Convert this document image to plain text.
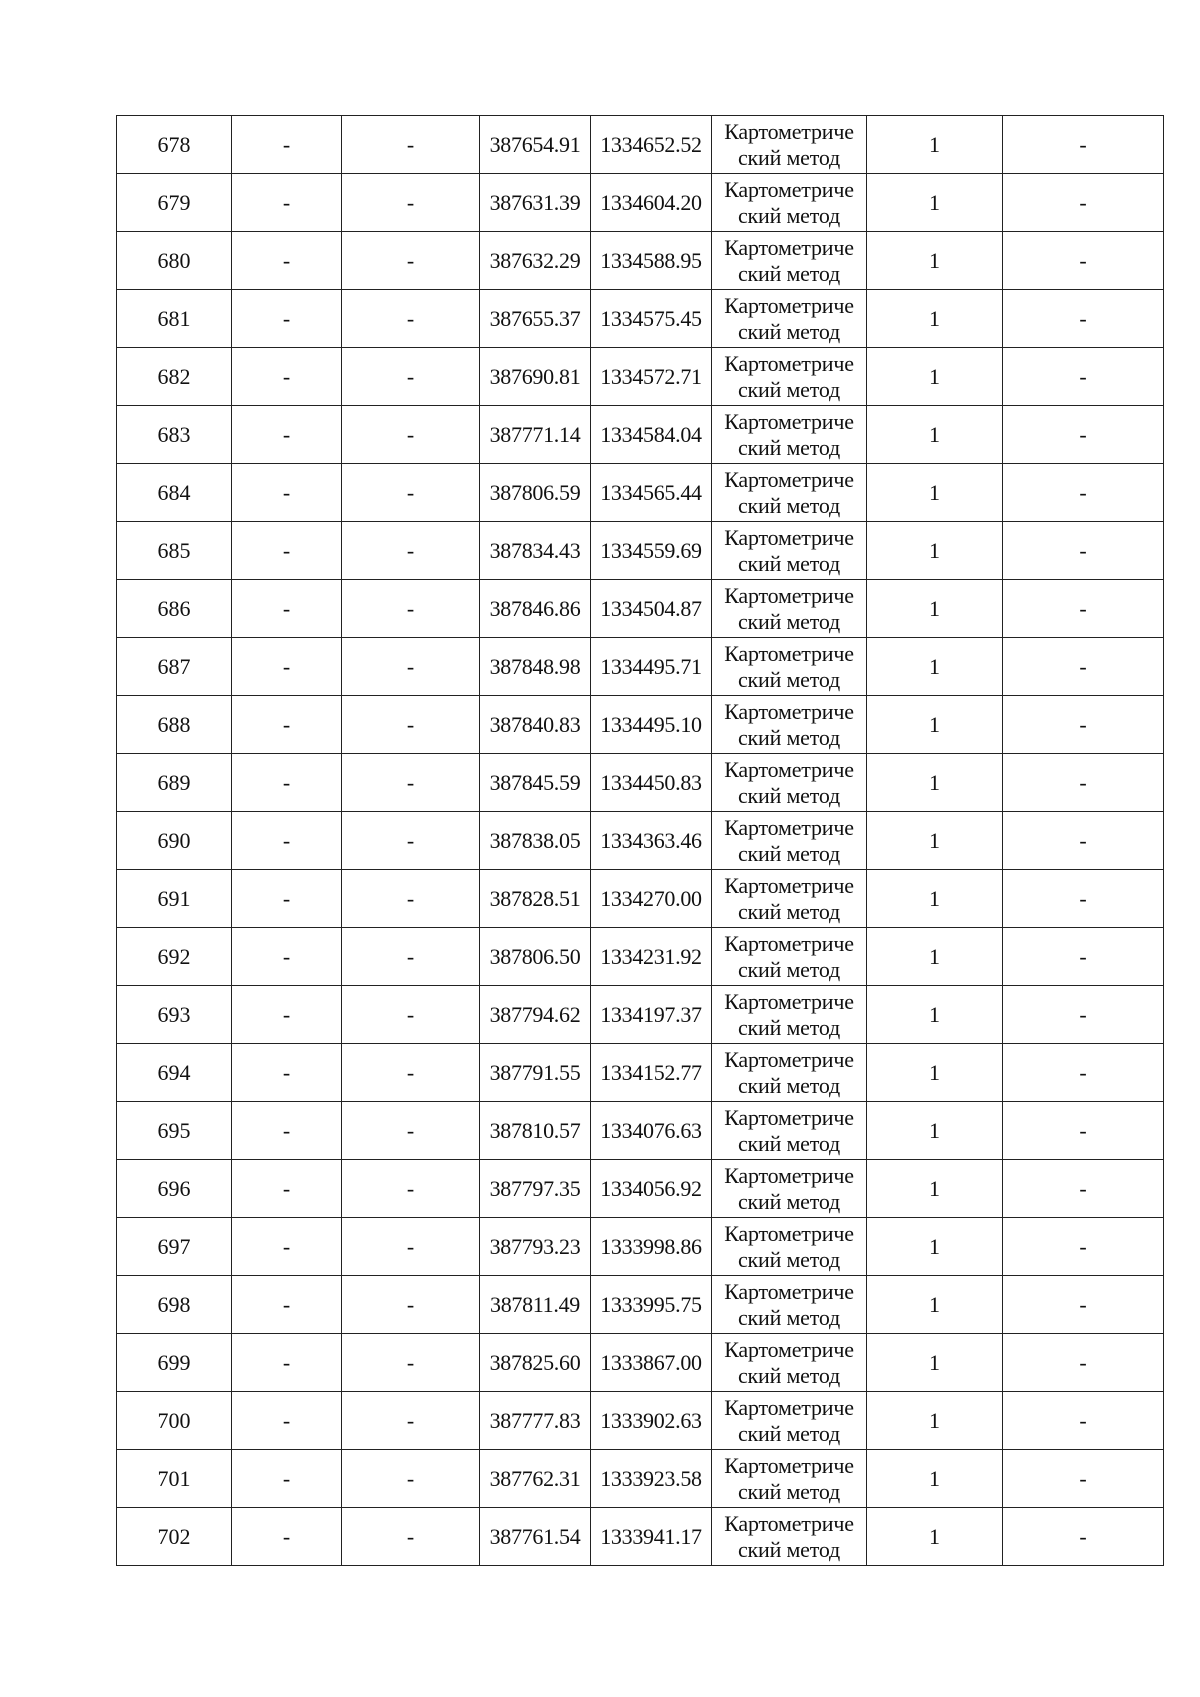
678	-	-	387654.91	1334652.52	Картометриче
ский метод	1	-
679	-	-	387631.39	1334604.20	Картометриче
ский метод	1	-
680	-	-	387632.29	1334588.95	Картометриче
ский метод	1	-
681	-	-	387655.37	1334575.45	Картометриче
ский метод	1	-
682	-	-	387690.81	1334572.71	Картометриче
ский метод	1	-
683	-	-	387771.14	1334584.04	Картометриче
ский метод	1	-
684	-	-	387806.59	1334565.44	Картометриче
ский метод	1	-
685	-	-	387834.43	1334559.69	Картометриче
ский метод	1	-
686	-	-	387846.86	1334504.87	Картометриче
ский метод	1	-
687	-	-	387848.98	1334495.71	Картометриче
ский метод	1	-
688	-	-	387840.83	1334495.10	Картометриче
ский метод	1	-
689	-	-	387845.59	1334450.83	Картометриче
ский метод	1	-
690	-	-	387838.05	1334363.46	Картометриче
ский метод	1	-
691	-	-	387828.51	1334270.00	Картометриче
ский метод	1	-
692	-	-	387806.50	1334231.92	Картометриче
ский метод	1	-
693	-	-	387794.62	1334197.37	Картометриче
ский метод	1	-
694	-	-	387791.55	1334152.77	Картометриче
ский метод	1	-
695	-	-	387810.57	1334076.63	Картометриче
ский метод	1	-
696	-	-	387797.35	1334056.92	Картометриче
ский метод	1	-
697	-	-	387793.23	1333998.86	Картометриче
ский метод	1	-
698	-	-	387811.49	1333995.75	Картометриче
ский метод	1	-
699	-	-	387825.60	1333867.00	Картометриче
ский метод	1	-
700	-	-	387777.83	1333902.63	Картометриче
ский метод	1	-
701	-	-	387762.31	1333923.58	Картометриче
ский метод	1	-
702	-	-	387761.54	1333941.17	Картометриче
ский метод	1	-
